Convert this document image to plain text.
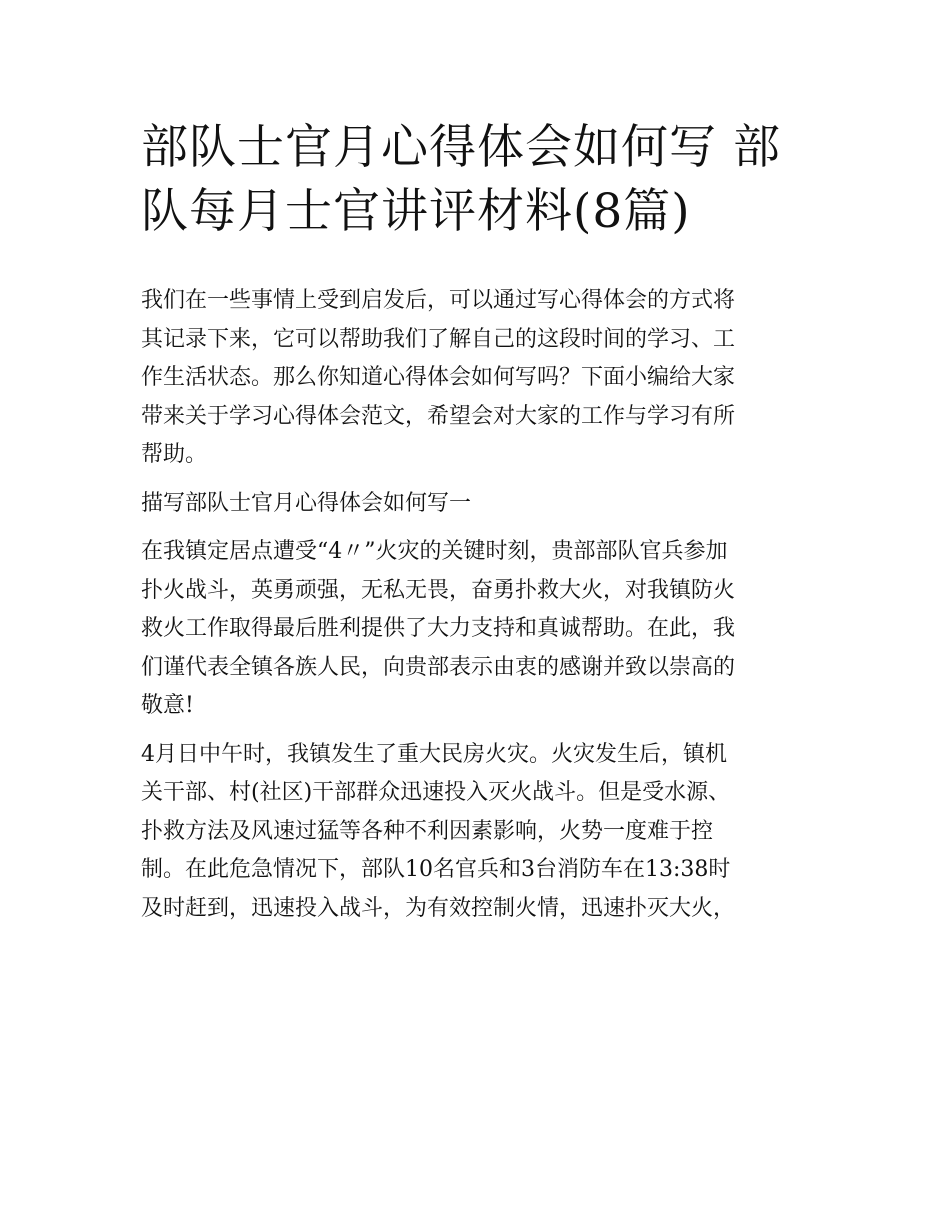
部队士官月心得体会如何写 部
队每月士官讲评材料(8篇)
我们在一些事情上受到启发后，可以通过写心得体会的方式将
其记录下来，它可以帮助我们了解自己的这段时间的学习、工
作生活状态。那么你知道心得体会如何写吗？下面小编给大家
带来关于学习心得体会范文，希望会对大家的工作与学习有所
帮助。
描写部队士官月心得体会如何写一
在我镇定居点遭受“4〃”火灾的关键时刻，贵部部队官兵参加
扑火战斗，英勇顽强，无私无畏，奋勇扑救大火，对我镇防火
救火工作取得最后胜利提供了大力支持和真诚帮助。在此，我
们谨代表全镇各族人民，向贵部表示由衷的感谢并致以崇高的
敬意!
4月日中午时，我镇发生了重大民房火灾。火灾发生后，镇机
关干部、村(社区)干部群众迅速投入灭火战斗。但是受水源、
扑救方法及风速过猛等各种不利因素影响，火势一度难于控
制。在此危急情况下，部队10名官兵和3台消防车在13:38时
及时赶到，迅速投入战斗，为有效控制火情，迅速扑灭大火，
